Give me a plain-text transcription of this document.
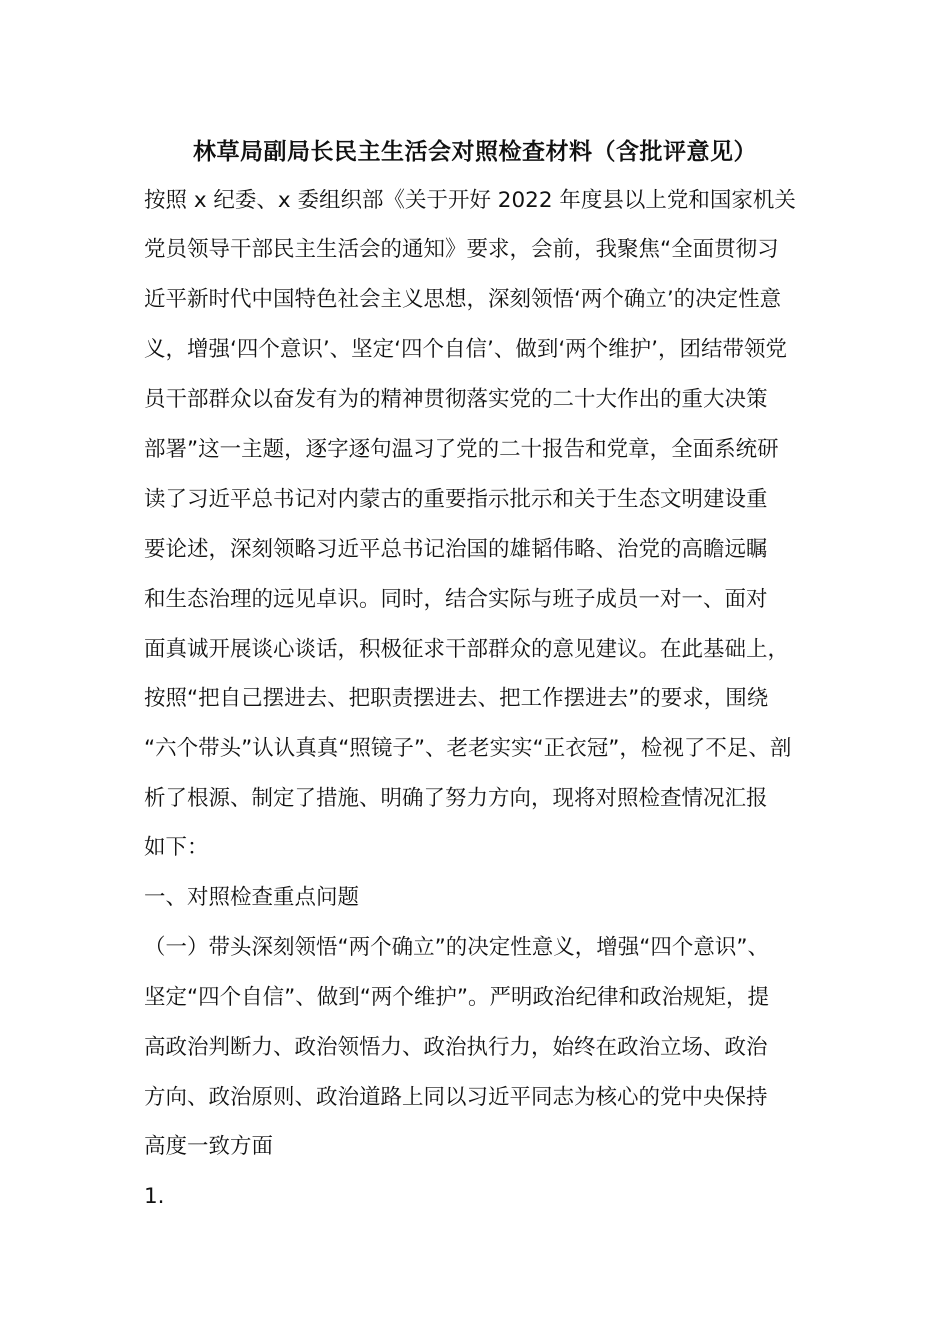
林草局副局长民主生活会对照检查材料（含批评意见）
按照 x 纪委、x 委组织部《关于开好 2022 年度县以上党和国家机关
党员领导干部民主生活会的通知》要求，会前，我聚焦“全面贯彻习
近平新时代中国特色社会主义思想，深刻领悟‘两个确立’的决定性意
义，增强‘四个意识’、坚定‘四个自信’、做到‘两个维护’，团结带领党
员干部群众以奋发有为的精神贯彻落实党的二十大作出的重大决策
部署”这一主题，逐字逐句温习了党的二十报告和党章，全面系统研
读了习近平总书记对内蒙古的重要指示批示和关于生态文明建设重
要论述，深刻领略习近平总书记治国的雄韬伟略、治党的高瞻远瞩
和生态治理的远见卓识。同时，结合实际与班子成员一对一、面对
面真诚开展谈心谈话，积极征求干部群众的意见建议。在此基础上，
按照“把自己摆进去、把职责摆进去、把工作摆进去”的要求，围绕
“六个带头”认认真真“照镜子”、老老实实“正衣冠”，检视了不足、剖
析了根源、制定了措施、明确了努力方向，现将对照检查情况汇报
如下：
一、对照检查重点问题
（一）带头深刻领悟“两个确立”的决定性意义，增强“四个意识”、
坚定“四个自信”、做到“两个维护”。严明政治纪律和政治规矩，提
高政治判断力、政治领悟力、政治执行力，始终在政治立场、政治
方向、政治原则、政治道路上同以习近平同志为核心的党中央保持
高度一致方面
1.
